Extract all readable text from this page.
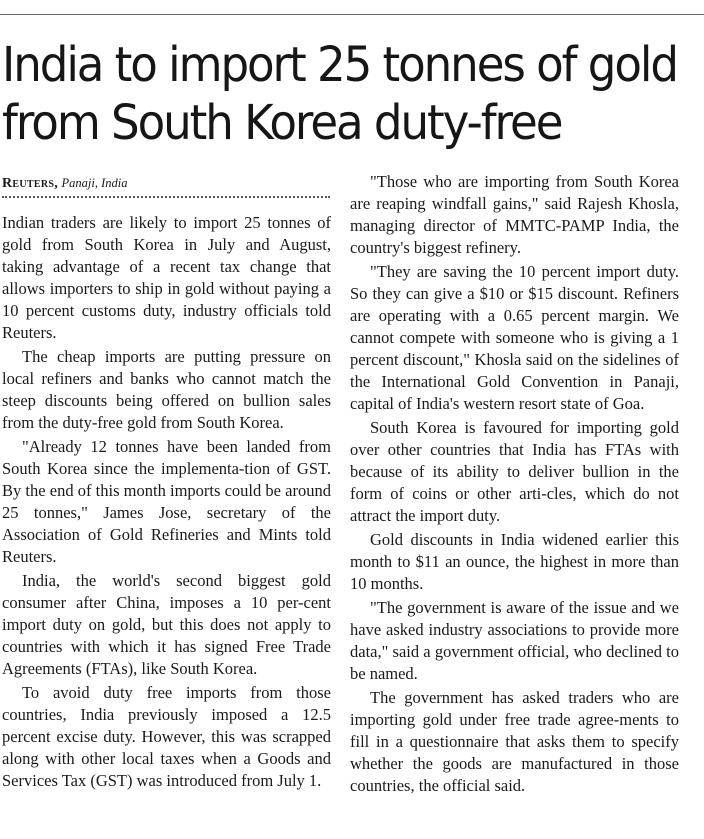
India to import 25 tonnes of gold
from South Korea duty-free
Reuters, Panaji, India

Indian traders are likely to import 25 tonnes of gold from South Korea in July and August, taking advantage of a recent tax change that allows importers to ship in gold without paying a 10 percent customs duty, industry officials told Reuters.

The cheap imports are putting pressure on local refiners and banks who cannot match the steep discounts being offered on bullion sales from the duty-free gold from South Korea.

"Already 12 tonnes have been landed from South Korea since the implementa-tion of GST. By the end of this month imports could be around 25 tonnes," James Jose, secretary of the Association of Gold Refineries and Mints told Reuters.

India, the world's second biggest gold consumer after China, imposes a 10 per-cent import duty on gold, but this does not apply to countries with which it has signed Free Trade Agreements (FTAs), like South Korea.

To avoid duty free imports from those countries, India previously imposed a 12.5 percent excise duty. However, this was scrapped along with other local taxes when a Goods and Services Tax (GST) was introduced from July 1.

"Those who are importing from South Korea are reaping windfall gains," said Rajesh Khosla, managing director of MMTC-PAMP India, the country's biggest refinery.

"They are saving the 10 percent import duty. So they can give a $10 or $15 discount. Refiners are operating with a 0.65 percent margin. We cannot compete with someone who is giving a 1 percent discount," Khosla said on the sidelines of the International Gold Convention in Panaji, capital of India's western resort state of Goa.

South Korea is favoured for importing gold over other countries that India has FTAs with because of its ability to deliver bullion in the form of coins or other arti-cles, which do not attract the import duty.

Gold discounts in India widened earlier this month to $11 an ounce, the highest in more than 10 months.

"The government is aware of the issue and we have asked industry associations to provide more data," said a government official, who declined to be named.

The government has asked traders who are importing gold under free trade agree-ments to fill in a questionnaire that asks them to specify whether the goods are manufactured in those countries, the official said.
